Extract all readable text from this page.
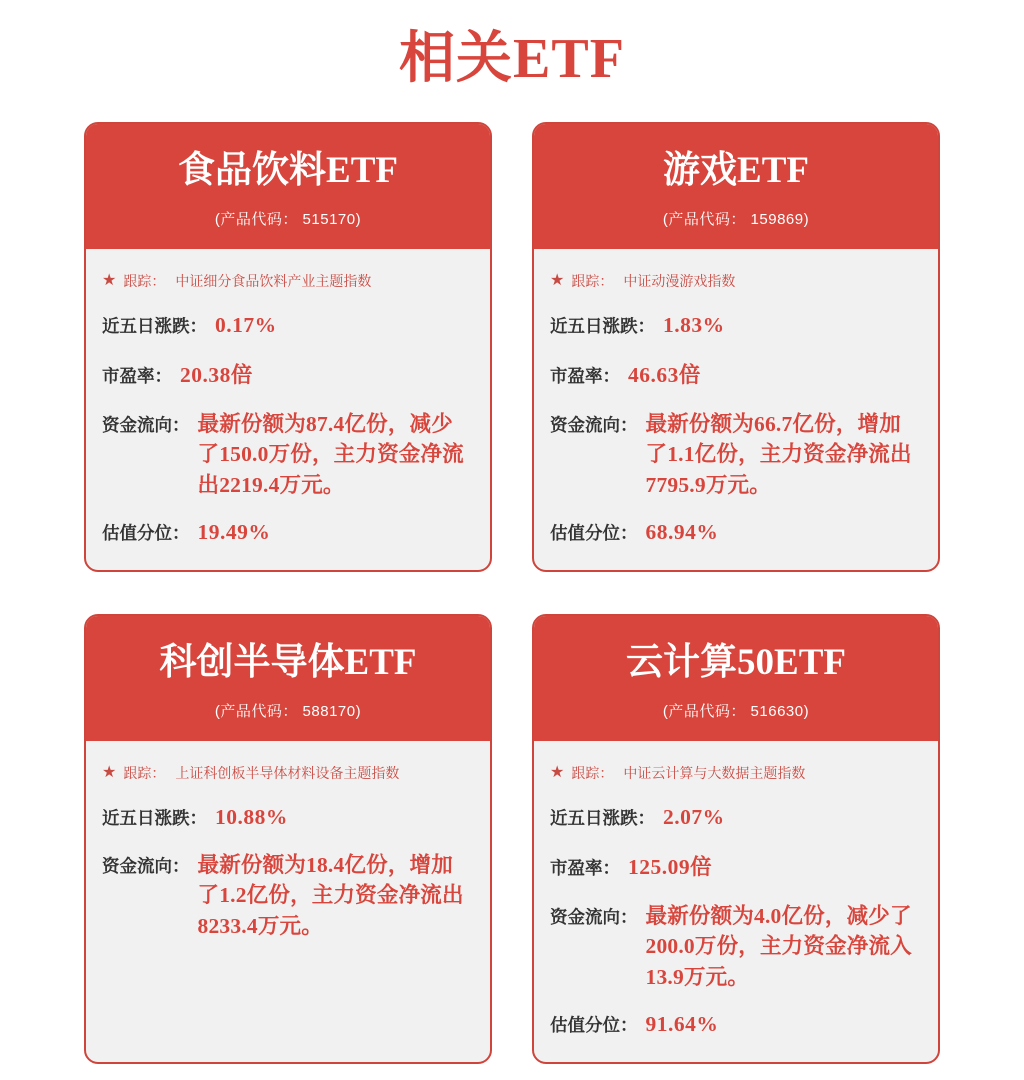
相关ETF
食品饮料ETF
(产品代码： 515170)
★ 跟踪： 中证细分食品饮料产业主题指数
近五日涨跌： 0.17%
市盈率： 20.38倍
资金流向： 最新份额为87.4亿份，减少了150.0万份，主力资金净流出2219.4万元。
估值分位： 19.49%
游戏ETF
(产品代码： 159869)
★ 跟踪： 中证动漫游戏指数
近五日涨跌： 1.83%
市盈率： 46.63倍
资金流向： 最新份额为66.7亿份，增加了1.1亿份，主力资金净流出7795.9万元。
估值分位： 68.94%
科创半导体ETF
(产品代码： 588170)
★ 跟踪： 上证科创板半导体材料设备主题指数
近五日涨跌： 10.88%
资金流向： 最新份额为18.4亿份，增加了1.2亿份，主力资金净流出8233.4万元。
云计算50ETF
(产品代码： 516630)
★ 跟踪： 中证云计算与大数据主题指数
近五日涨跌： 2.07%
市盈率： 125.09倍
资金流向： 最新份额为4.0亿份，减少了200.0万份，主力资金净流入13.9万元。
估值分位： 91.64%
